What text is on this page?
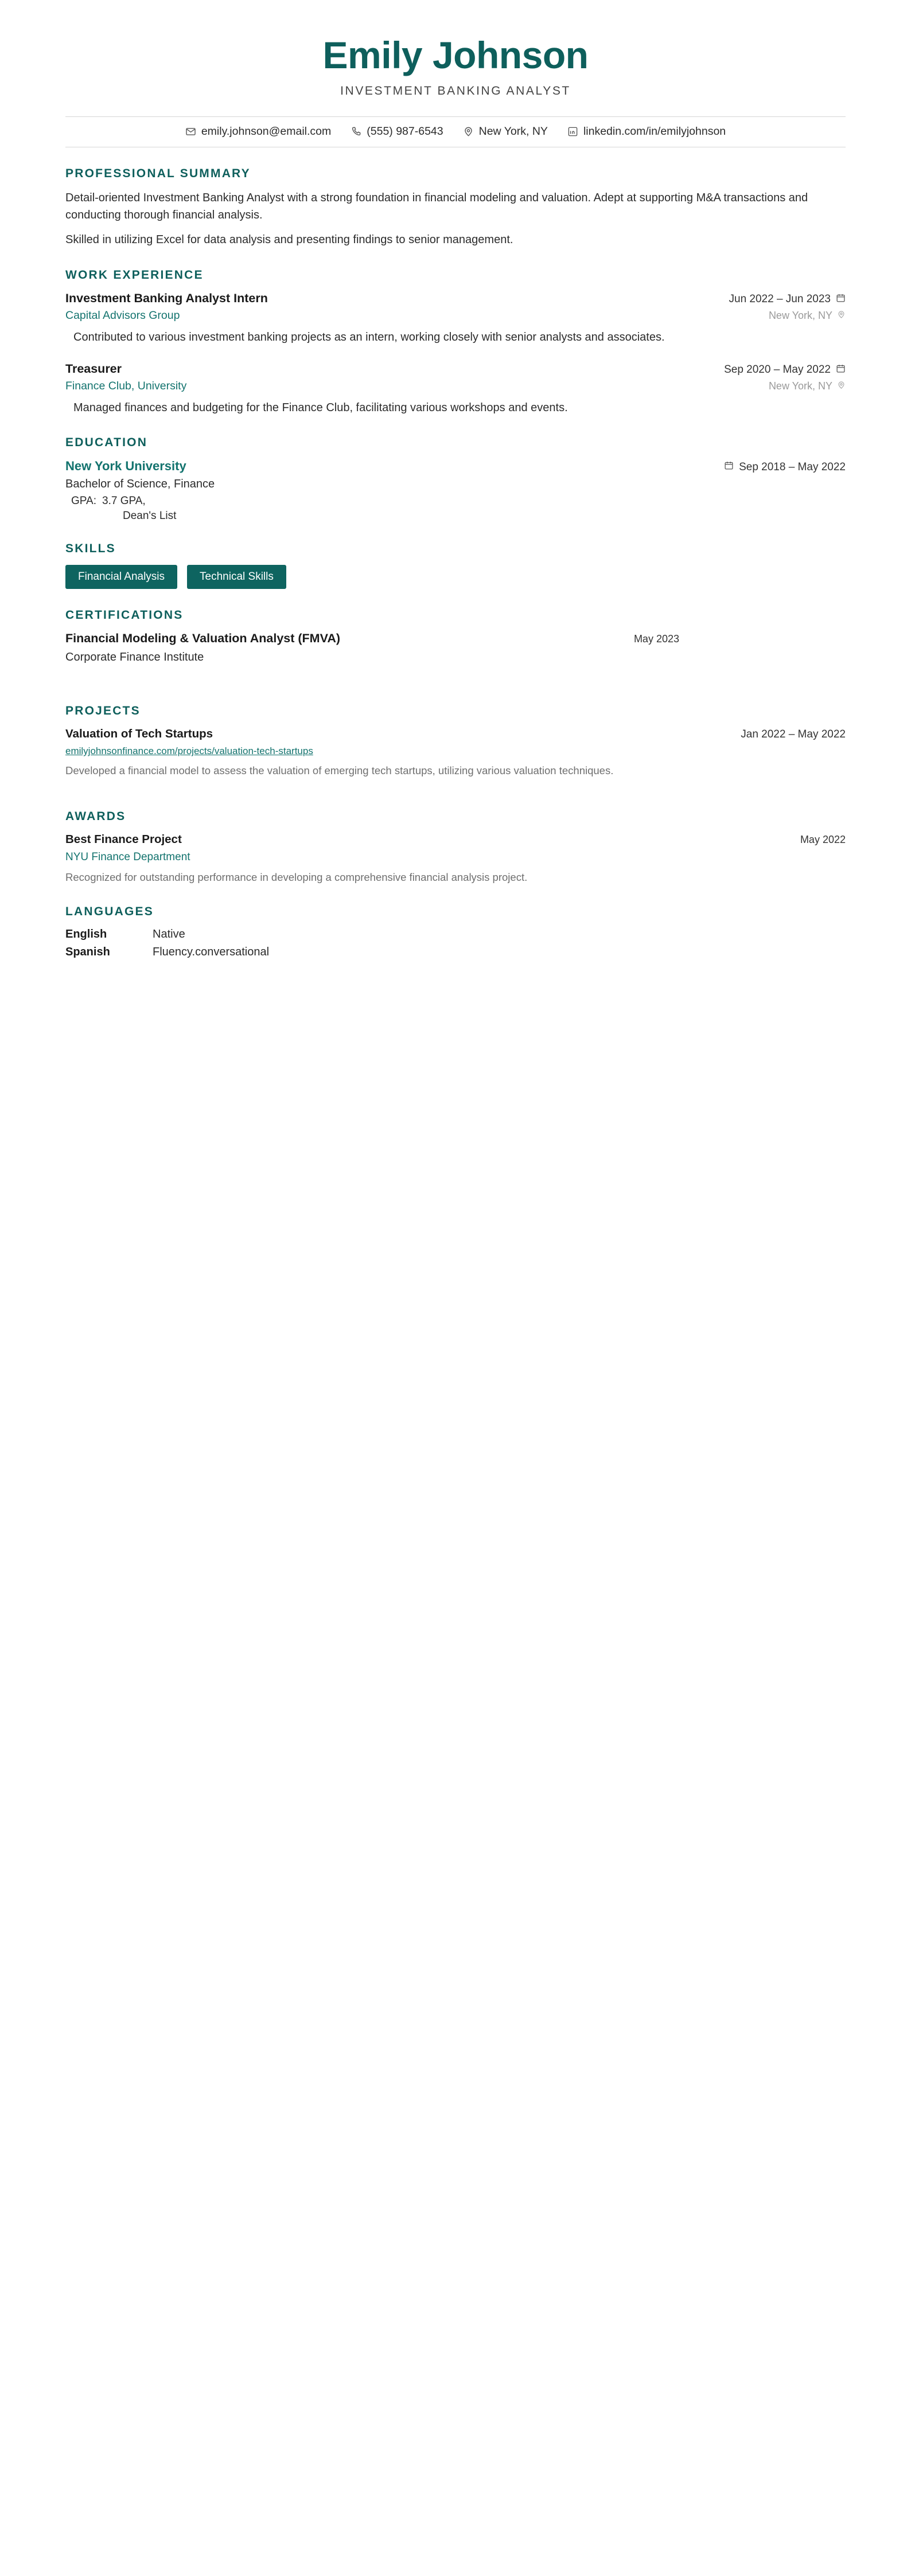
Emily Johnson
INVESTMENT BANKING ANALYST
emily.johnson@email.com	(555) 987-6543	New York, NY	linkedin.com/in/emilyjohnson
PROFESSIONAL SUMMARY

Detail-oriented Investment Banking Analyst with a strong foundation in financial modeling and valuation. Adept at supporting M&A transactions and conducting thorough financial analysis.

Skilled in utilizing Excel for data analysis and presenting findings to senior management.

WORK EXPERIENCE
Investment Banking Analyst Intern	Jun 2022 – Jun 2023
Capital Advisors Group	New York, NY
Contributed to various investment banking projects as an intern, working closely with senior analysts and associates.
Treasurer	Sep 2020 – May 2022
Finance Club, University	New York, NY
Managed finances and budgeting for the Finance Club, facilitating various workshops and events.
EDUCATION
New York University	Sep 2018 – May 2022
Bachelor of Science, Finance
GPA: 3.7 GPA,
Dean's List
SKILLS
Financial Analysis	Technical Skills
CERTIFICATIONS
Financial Modeling & Valuation Analyst (FMVA)	May 2023
Corporate Finance Institute
PROJECTS
Valuation of Tech Startups	Jan 2022 – May 2022
emilyjohnsonfinance.com/projects/valuation-tech-startups
Developed a financial model to assess the valuation of emerging tech startups, utilizing various valuation techniques.
AWARDS
Best Finance Project	May 2022
NYU Finance Department
Recognized for outstanding performance in developing a comprehensive financial analysis project.
LANGUAGES
English	Native
Spanish	Fluency.conversational
